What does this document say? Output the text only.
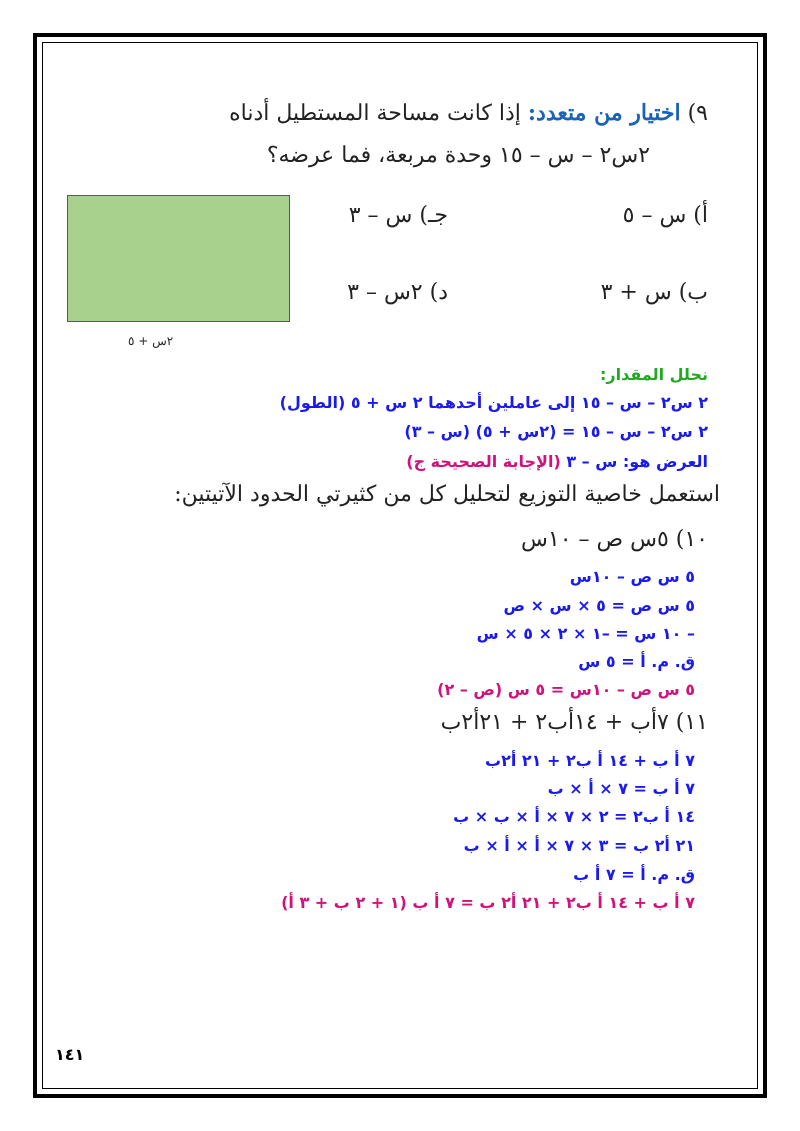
٩) اختيار من متعدد: إذا كانت مساحة المستطيل أدناه
٢س٢ – س – ١٥ وحدة مربعة، فما عرضه؟
أ) س – ٥
جـ) س – ٣
ب) س + ٣
د) ٢س – ٣
٢س + ٥
نحلل المقدار:
٢ س٢ – س – ١٥ إلى عاملين أحدهما ٢ س + ٥ (الطول)
٢ س٢ – س – ١٥ = (٢س + ٥) (س – ٣)
العرض هو: س – ٣ (الإجابة الصحيحة ج)
استعمل خاصية التوزيع لتحليل كل من كثيرتي الحدود الآتيتين:
١٠) ٥س ص – ١٠س
٥ س ص – ١٠س
٥ س ص = ٥ × س × ص
– ١٠ س = –١ × ٢ × ٥ × س
ق. م. أ = ٥ س
٥ س ص – ١٠س = ٥ س (ص – ٢)
١١) ٧أب + ١٤أب٢ + ٢١أ٢ب
٧ أ ب + ١٤ أ ب٢ + ٢١ أ٢ب
٧ أ ب = ٧ × أ × ب
١٤ أ ب٢ = ٢ × ٧ × أ × ب × ب
٢١ أ٢ ب = ٣ × ٧ × أ × أ × ب
ق. م. أ = ٧ أ ب
٧ أ ب + ١٤ أ ب٢ + ٢١ أ٢ ب = ٧ أ ب (١ + ٢ ب + ٣ أ)
١٤١
